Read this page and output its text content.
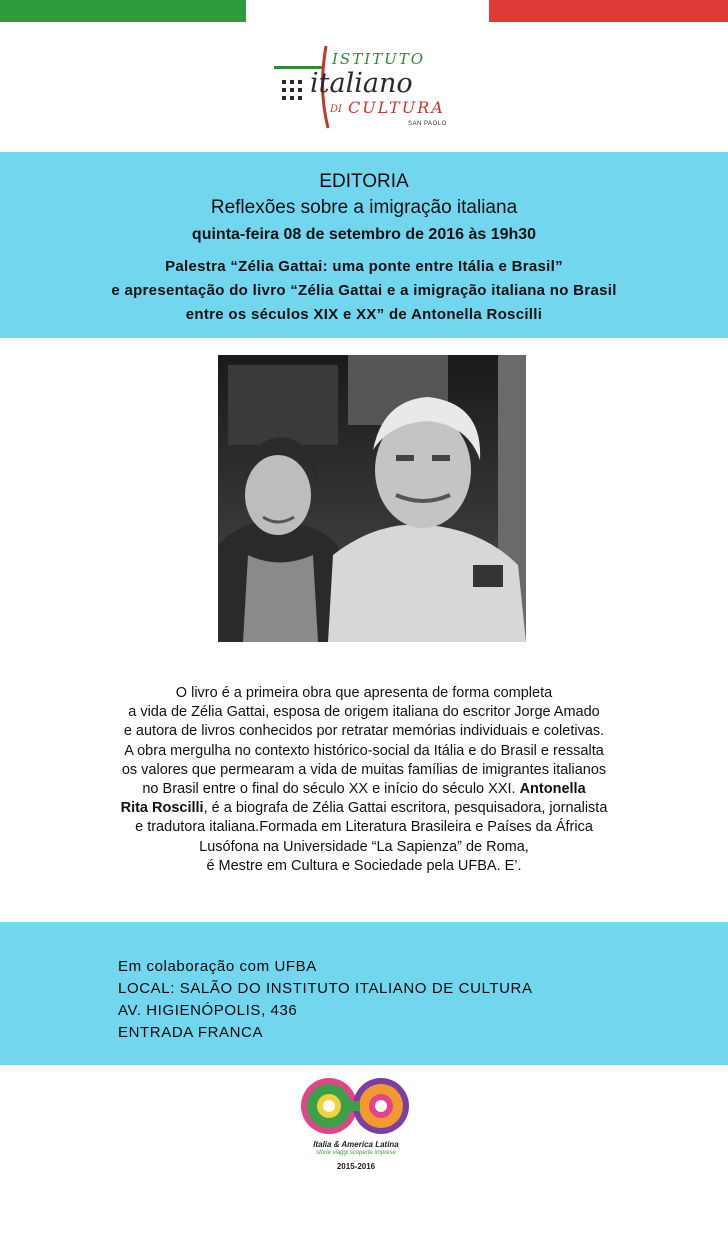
ISTITUTO
italiano
DI CULTURA
SAN PAOLO
EDITORIA
Reflexões sobre a imigração italiana
quinta-feira 08 de setembro de 2016 às 19h30
Palestra “Zélia Gattai: uma ponte entre Itália e Brasil”
e apresentação do livro “Zélia Gattai e a imigração italiana no Brasil
entre os séculos XIX e XX” de Antonella Roscilli
O livro é a primeira obra que apresenta de forma completa
a vida de Zélia Gattai, esposa de origem italiana do escritor Jorge Amado
e autora de livros conhecidos por retratar memórias individuais e coletivas.
A obra mergulha no contexto histórico-social da Itália e do Brasil e ressalta
os valores que permearam a vida de muitas famílias de imigrantes italianos
no Brasil entre o final do século XX e início do século XXI. Antonella
Rita Roscilli, é a biografa de Zélia Gattai escritora, pesquisadora, jornalista
e tradutora italiana.Formada em Literatura Brasileira e Países da África
Lusófona na Universidade “La Sapienza” de Roma,
é Mestre em Cultura e Sociedade pela UFBA. E’.
Em colaboração com UFBA
LOCAL: SALÃO DO INSTITUTO ITALIANO DE CULTURA
AV. HIGIENÓPOLIS, 436
ENTRADA FRANCA
Italia & America Latina
storie viaggi scoperte imprese
2015-2016
